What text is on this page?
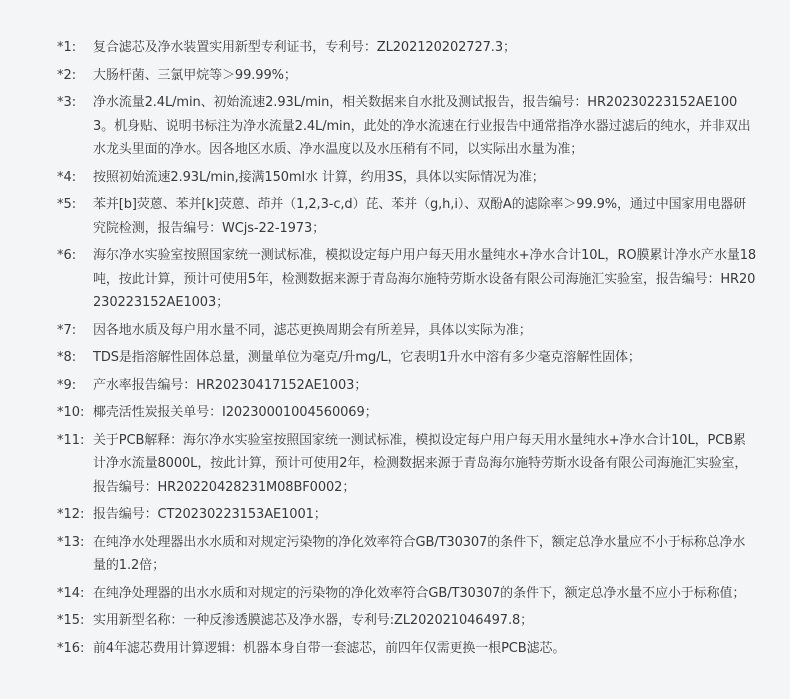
*1:	复合滤芯及净水装置实用新型专利证书，专利号：ZL202120202727.3；
*2:	大肠杆菌、三氯甲烷等＞99.99%；
*3:	净水流量2.4L/min、初始流速2.93L/min，相关数据来自水批及测试报告，报告编号：HR20230223152AE1003。机身贴、说明书标注为净水流量2.4L/min，此处的净水流速在行业报告中通常指净水器过滤后的纯水，并非双出水龙头里面的净水。因各地区水质、净水温度以及水压稍有不同，以实际出水量为准；
*4:	按照初始流速2.93L/min,接满150ml水 计算，约用3S，具体以实际情况为准；
*5:	苯并[b]荧蒽、苯并[k]荧蒽、茚并（1,2,3-c,d）芘、苯并（g,h,i）、双酚A的滤除率＞99.9%，通过中国家用电器研究院检测，报告编号：WCjs-22-1973；
*6:	海尔净水实验室按照国家统一测试标准，模拟设定每户用户每天用水量纯水+净水合计10L，RO膜累计净水产水量18吨，按此计算，预计可使用5年，检测数据来源于青岛海尔施特劳斯水设备有限公司海施汇实验室，报告编号：HR20230223152AE1003；
*7:	因各地水质及每户用水量不同，滤芯更换周期会有所差异，具体以实际为准；
*8:	TDS是指溶解性固体总量，测量单位为毫克/升mg/L，它表明1升水中溶有多少毫克溶解性固体；
*9:	产水率报告编号：HR20230417152AE1003；
*10: 椰壳活性炭报关单号：I20230001004560069；
*11: 关于PCB解释：海尔净水实验室按照国家统一测试标准，模拟设定每户用户每天用水量纯水+净水合计10L，PCB累计净水流量8000L，按此计算，预计可使用2年，检测数据来源于青岛海尔施特劳斯水设备有限公司海施汇实验室，报告编号：HR20220428231M08BF0002；
*12: 报告编号：CT20230223153AE1001；
*13: 在纯净水处理器出水水质和对规定污染物的净化效率符合GB/T30307的条件下，额定总净水量应不小于标称总净水量的1.2倍；
*14: 在纯净处理器的出水水质和对规定的污染物的净化效率符合GB/T30307的条件下，额定总净水量不应小于标称值；
*15: 实用新型名称：一种反渗透膜滤芯及净水器，专利号:ZL202021046497.8；
*16: 前4年滤芯费用计算逻辑：机器本身自带一套滤芯，前四年仅需更换一根PCB滤芯。
